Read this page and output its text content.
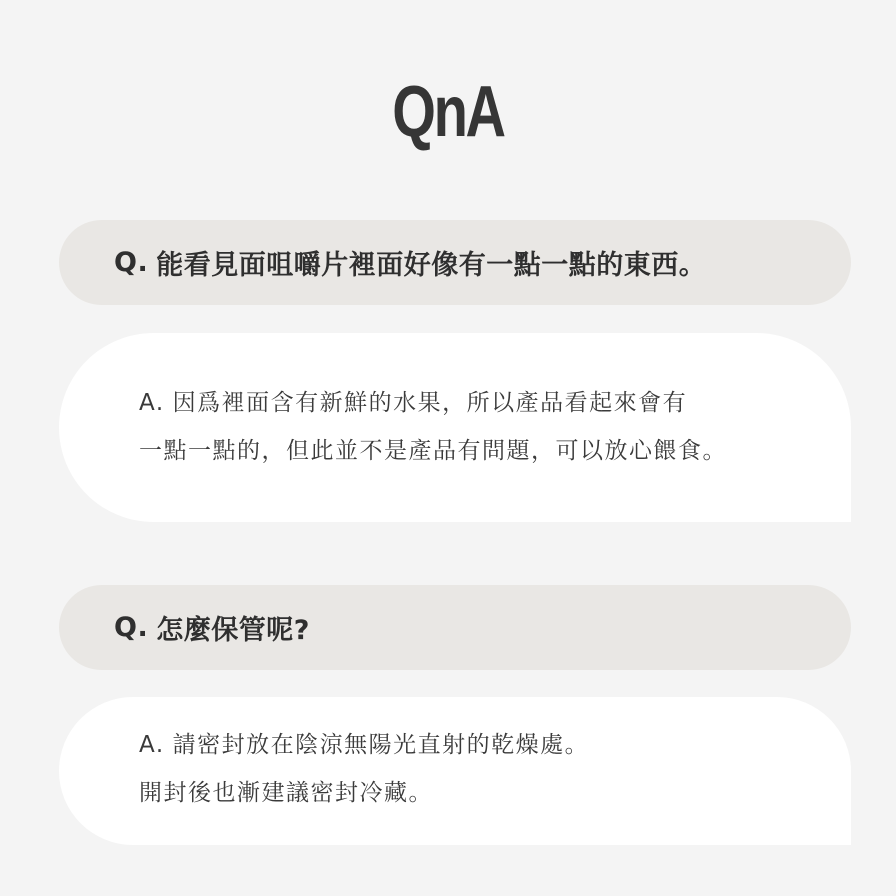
QnA
Q. 能看見面咀嚼片裡面好像有一點一點的東西。
A. 因爲裡面含有新鮮的水果，所以產品看起來會有
一點一點的，但此並不是產品有問題，可以放心餵食。
Q. 怎麼保管呢?
A. 請密封放在陰涼無陽光直射的乾燥處。
開封後也漸建議密封冷藏。
